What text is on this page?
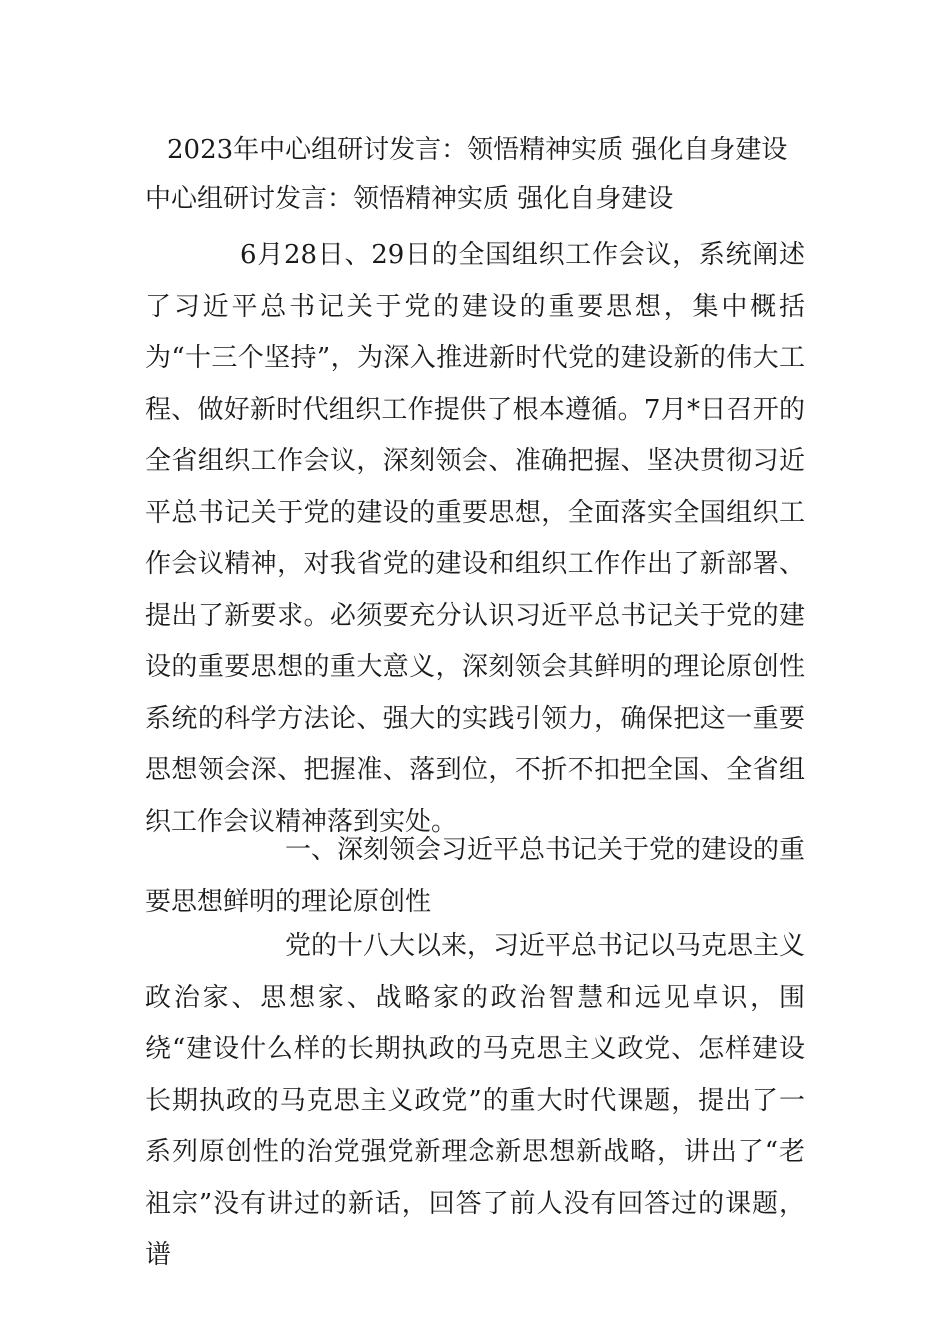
2023年中心组研讨发言：领悟精神实质 强化自身建设
中心组研讨发言：领悟精神实质 强化自身建设

6月28日、29日的全国组织工作会议，系统阐述了习近平总书记关于党的建设的重要思想，集中概括为“十三个坚持”，为深入推进新时代党的建设新的伟大工程、做好新时代组织工作提供了根本遵循。7月*日召开的全省组织工作会议，深刻领会、准确把握、坚决贯彻习近平总书记关于党的建设的重要思想，全面落实全国组织工作会议精神，对我省党的建设和组织工作作出了新部署、提出了新要求。必须要充分认识习近平总书记关于党的建设的重要思想的重大意义，深刻领会其鲜明的理论原创性系统的科学方法论、强大的实践引领力，确保把这一重要思想领会深、把握准、落到位，不折不扣把全国、全省组织工作会议精神落到实处。

一、深刻领会习近平总书记关于党的建设的重要思想鲜明的理论原创性

党的十八大以来，习近平总书记以马克思主义政治家、思想家、战略家的政治智慧和远见卓识，围绕“建设什么样的长期执政的马克思主义政党、怎样建设长期执政的马克思主义政党”的重大时代课题，提出了一系列原创性的治党强党新理念新思想新战略，讲出了“老祖宗”没有讲过的新话，回答了前人没有回答过的课题，谱
